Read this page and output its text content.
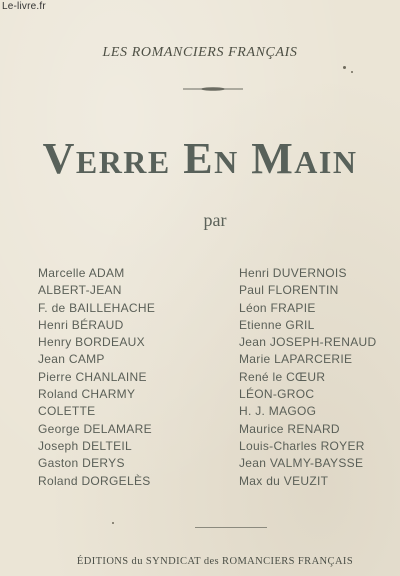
Le-livre.fr
LES ROMANCIERS FRANÇAIS
VERRE EN MAIN
par
Marcelle ADAM
ALBERT-JEAN
F. de BAILLEHACHE
Henri BÉRAUD
Henry BORDEAUX
Jean CAMP
Pierre CHANLAINE
Roland CHARMY
COLETTE
George DELAMARE
Joseph DELTEIL
Gaston DERYS
Roland DORGELÈS
Henri DUVERNOIS
Paul FLORENTIN
Léon FRAPIE
Etienne GRIL
Jean JOSEPH-RENAUD
Marie LAPARCERIE
René le CŒUR
LÉON-GROC
H. J. MAGOG
Maurice RENARD
Louis-Charles ROYER
Jean VALMY-BAYSSE
Max du VEUZIT
ÉDITIONS du SYNDICAT des ROMANCIERS FRANÇAIS
